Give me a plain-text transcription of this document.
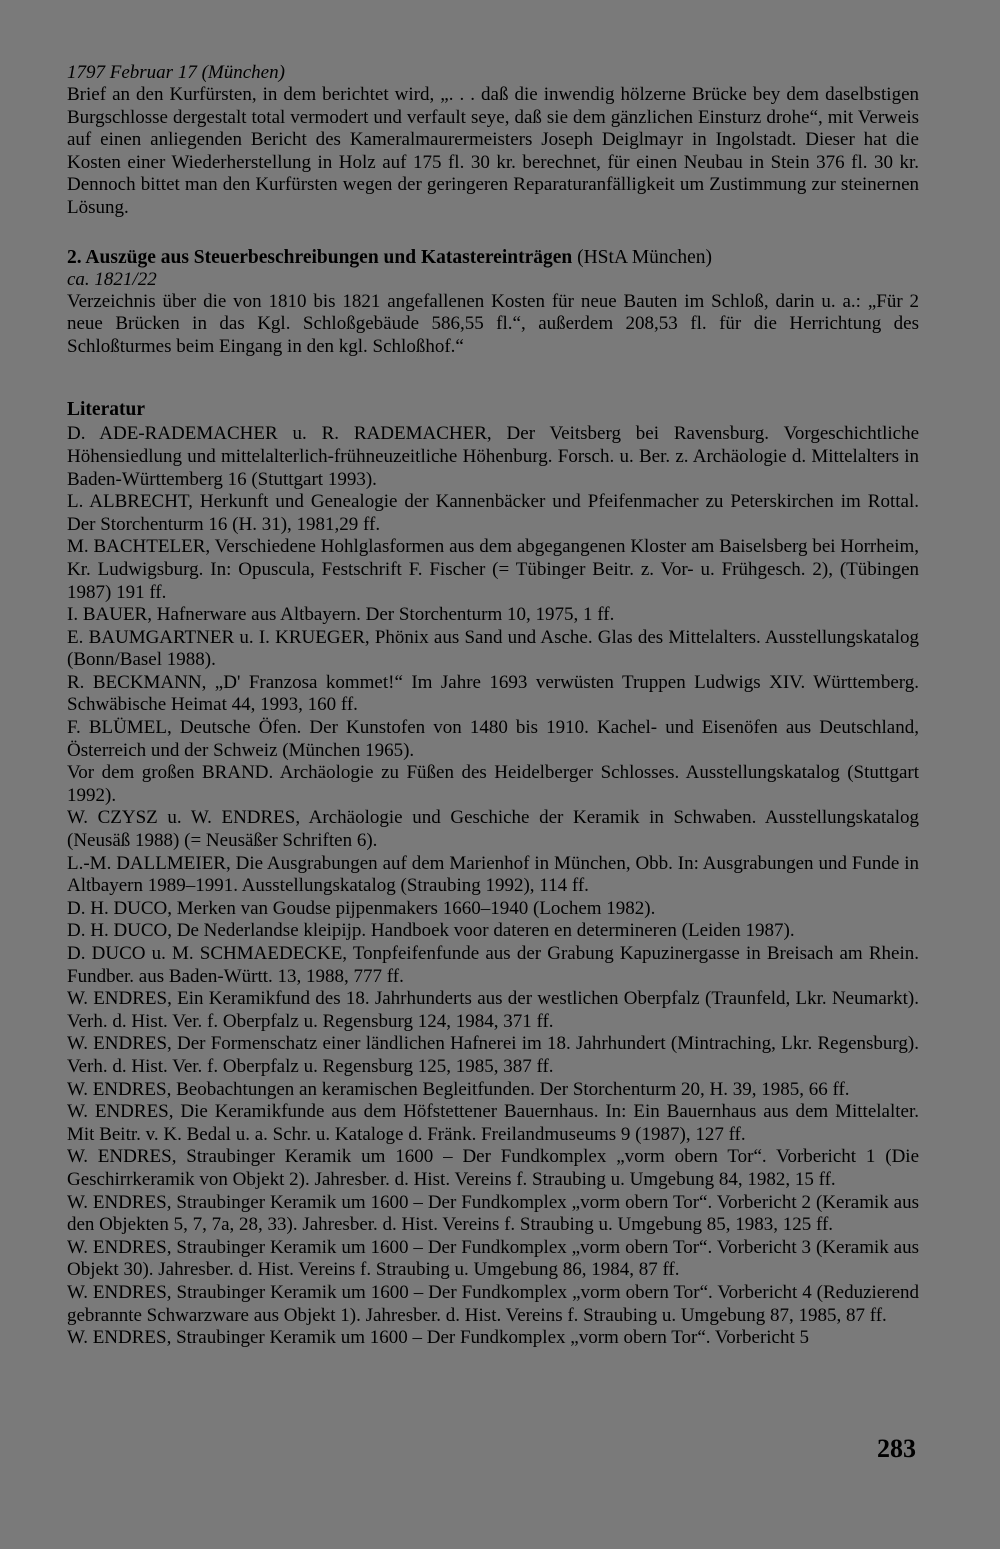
1797 Februar 17 (München)
Brief an den Kurfürsten, in dem berichtet wird, „. . . daß die inwendig hölzerne Brücke bey dem daselbstigen Burgschlosse dergestalt total vermodert und verfault seye, daß sie dem gänzlichen Einsturz drohe“, mit Verweis auf einen anliegenden Bericht des Kameralmaurermeisters Joseph Deiglmayr in Ingolstadt. Dieser hat die Kosten einer Wiederherstellung in Holz auf 175 fl. 30 kr. berechnet, für einen Neubau in Stein 376 fl. 30 kr. Dennoch bittet man den Kurfürsten wegen der geringeren Reparaturanfälligkeit um Zustimmung zur steinernen Lösung.
2. Auszüge aus Steuerbeschreibungen und Katastereinträgen (HStA München)
ca. 1821/22
Verzeichnis über die von 1810 bis 1821 angefallenen Kosten für neue Bauten im Schloß, darin u. a.: „Für 2 neue Brücken in das Kgl. Schloßgebäude 586,55 fl.“, außerdem 208,53 fl. für die Herrichtung des Schloßturmes beim Eingang in den kgl. Schloßhof.“
Literatur
D. ADE-RADEMACHER u. R. RADEMACHER, Der Veitsberg bei Ravensburg. Vorgeschichtliche Höhensiedlung und mittelalterlich-frühneuzeitliche Höhenburg. Forsch. u. Ber. z. Archäologie d. Mittelalters in Baden-Württemberg 16 (Stuttgart 1993).
L. ALBRECHT, Herkunft und Genealogie der Kannenbäcker und Pfeifenmacher zu Peterskirchen im Rottal. Der Storchenturm 16 (H. 31), 1981,29 ff.
M. BACHTELER, Verschiedene Hohlglasformen aus dem abgegangenen Kloster am Baiselsberg bei Horrheim, Kr. Ludwigsburg. In: Opuscula, Festschrift F. Fischer (= Tübinger Beitr. z. Vor- u. Frühgesch. 2), (Tübingen 1987) 191 ff.
I. BAUER, Hafnerware aus Altbayern. Der Storchenturm 10, 1975, 1 ff.
E. BAUMGARTNER u. I. KRUEGER, Phönix aus Sand und Asche. Glas des Mittelalters. Ausstellungskatalog (Bonn/Basel 1988).
R. BECKMANN, „D' Franzosa kommet!“ Im Jahre 1693 verwüsten Truppen Ludwigs XIV. Württemberg. Schwäbische Heimat 44, 1993, 160 ff.
F. BLÜMEL, Deutsche Öfen. Der Kunstofen von 1480 bis 1910. Kachel- und Eisenöfen aus Deutschland, Österreich und der Schweiz (München 1965).
Vor dem großen BRAND. Archäologie zu Füßen des Heidelberger Schlosses. Ausstellungskatalog (Stuttgart 1992).
W. CZYSZ u. W. ENDRES, Archäologie und Geschiche der Keramik in Schwaben. Ausstellungskatalog (Neusäß 1988) (= Neusäßer Schriften 6).
L.-M. DALLMEIER, Die Ausgrabungen auf dem Marienhof in München, Obb. In: Ausgrabungen und Funde in Altbayern 1989–1991. Ausstellungskatalog (Straubing 1992), 114 ff.
D. H. DUCO, Merken van Goudse pijpenmakers 1660–1940 (Lochem 1982).
D. H. DUCO, De Nederlandse kleipijp. Handboek voor dateren en determineren (Leiden 1987).
D. DUCO u. M. SCHMAEDECKE, Tonpfeifenfunde aus der Grabung Kapuzinergasse in Breisach am Rhein. Fundber. aus Baden-Württ. 13, 1988, 777 ff.
W. ENDRES, Ein Keramikfund des 18. Jahrhunderts aus der westlichen Oberpfalz (Traunfeld, Lkr. Neumarkt). Verh. d. Hist. Ver. f. Oberpfalz u. Regensburg 124, 1984, 371 ff.
W. ENDRES, Der Formenschatz einer ländlichen Hafnerei im 18. Jahrhundert (Mintraching, Lkr. Regensburg). Verh. d. Hist. Ver. f. Oberpfalz u. Regensburg 125, 1985, 387 ff.
W. ENDRES, Beobachtungen an keramischen Begleitfunden. Der Storchenturm 20, H. 39, 1985, 66 ff.
W. ENDRES, Die Keramikfunde aus dem Höfstettener Bauernhaus. In: Ein Bauernhaus aus dem Mittelalter. Mit Beitr. v. K. Bedal u. a. Schr. u. Kataloge d. Fränk. Freilandmuseums 9 (1987), 127 ff.
W. ENDRES, Straubinger Keramik um 1600 – Der Fundkomplex „vorm obern Tor“. Vorbericht 1 (Die Geschirrkeramik von Objekt 2). Jahresber. d. Hist. Vereins f. Straubing u. Umgebung 84, 1982, 15 ff.
W. ENDRES, Straubinger Keramik um 1600 – Der Fundkomplex „vorm obern Tor“. Vorbericht 2 (Keramik aus den Objekten 5, 7, 7a, 28, 33). Jahresber. d. Hist. Vereins f. Straubing u. Umgebung 85, 1983, 125 ff.
W. ENDRES, Straubinger Keramik um 1600 – Der Fundkomplex „vorm obern Tor“. Vorbericht 3 (Keramik aus Objekt 30). Jahresber. d. Hist. Vereins f. Straubing u. Umgebung 86, 1984, 87 ff.
W. ENDRES, Straubinger Keramik um 1600 – Der Fundkomplex „vorm obern Tor“. Vorbericht 4 (Reduzierend gebrannte Schwarzware aus Objekt 1). Jahresber. d. Hist. Vereins f. Straubing u. Umgebung 87, 1985, 87 ff.
W. ENDRES, Straubinger Keramik um 1600 – Der Fundkomplex „vorm obern Tor“. Vorbericht 5
283
